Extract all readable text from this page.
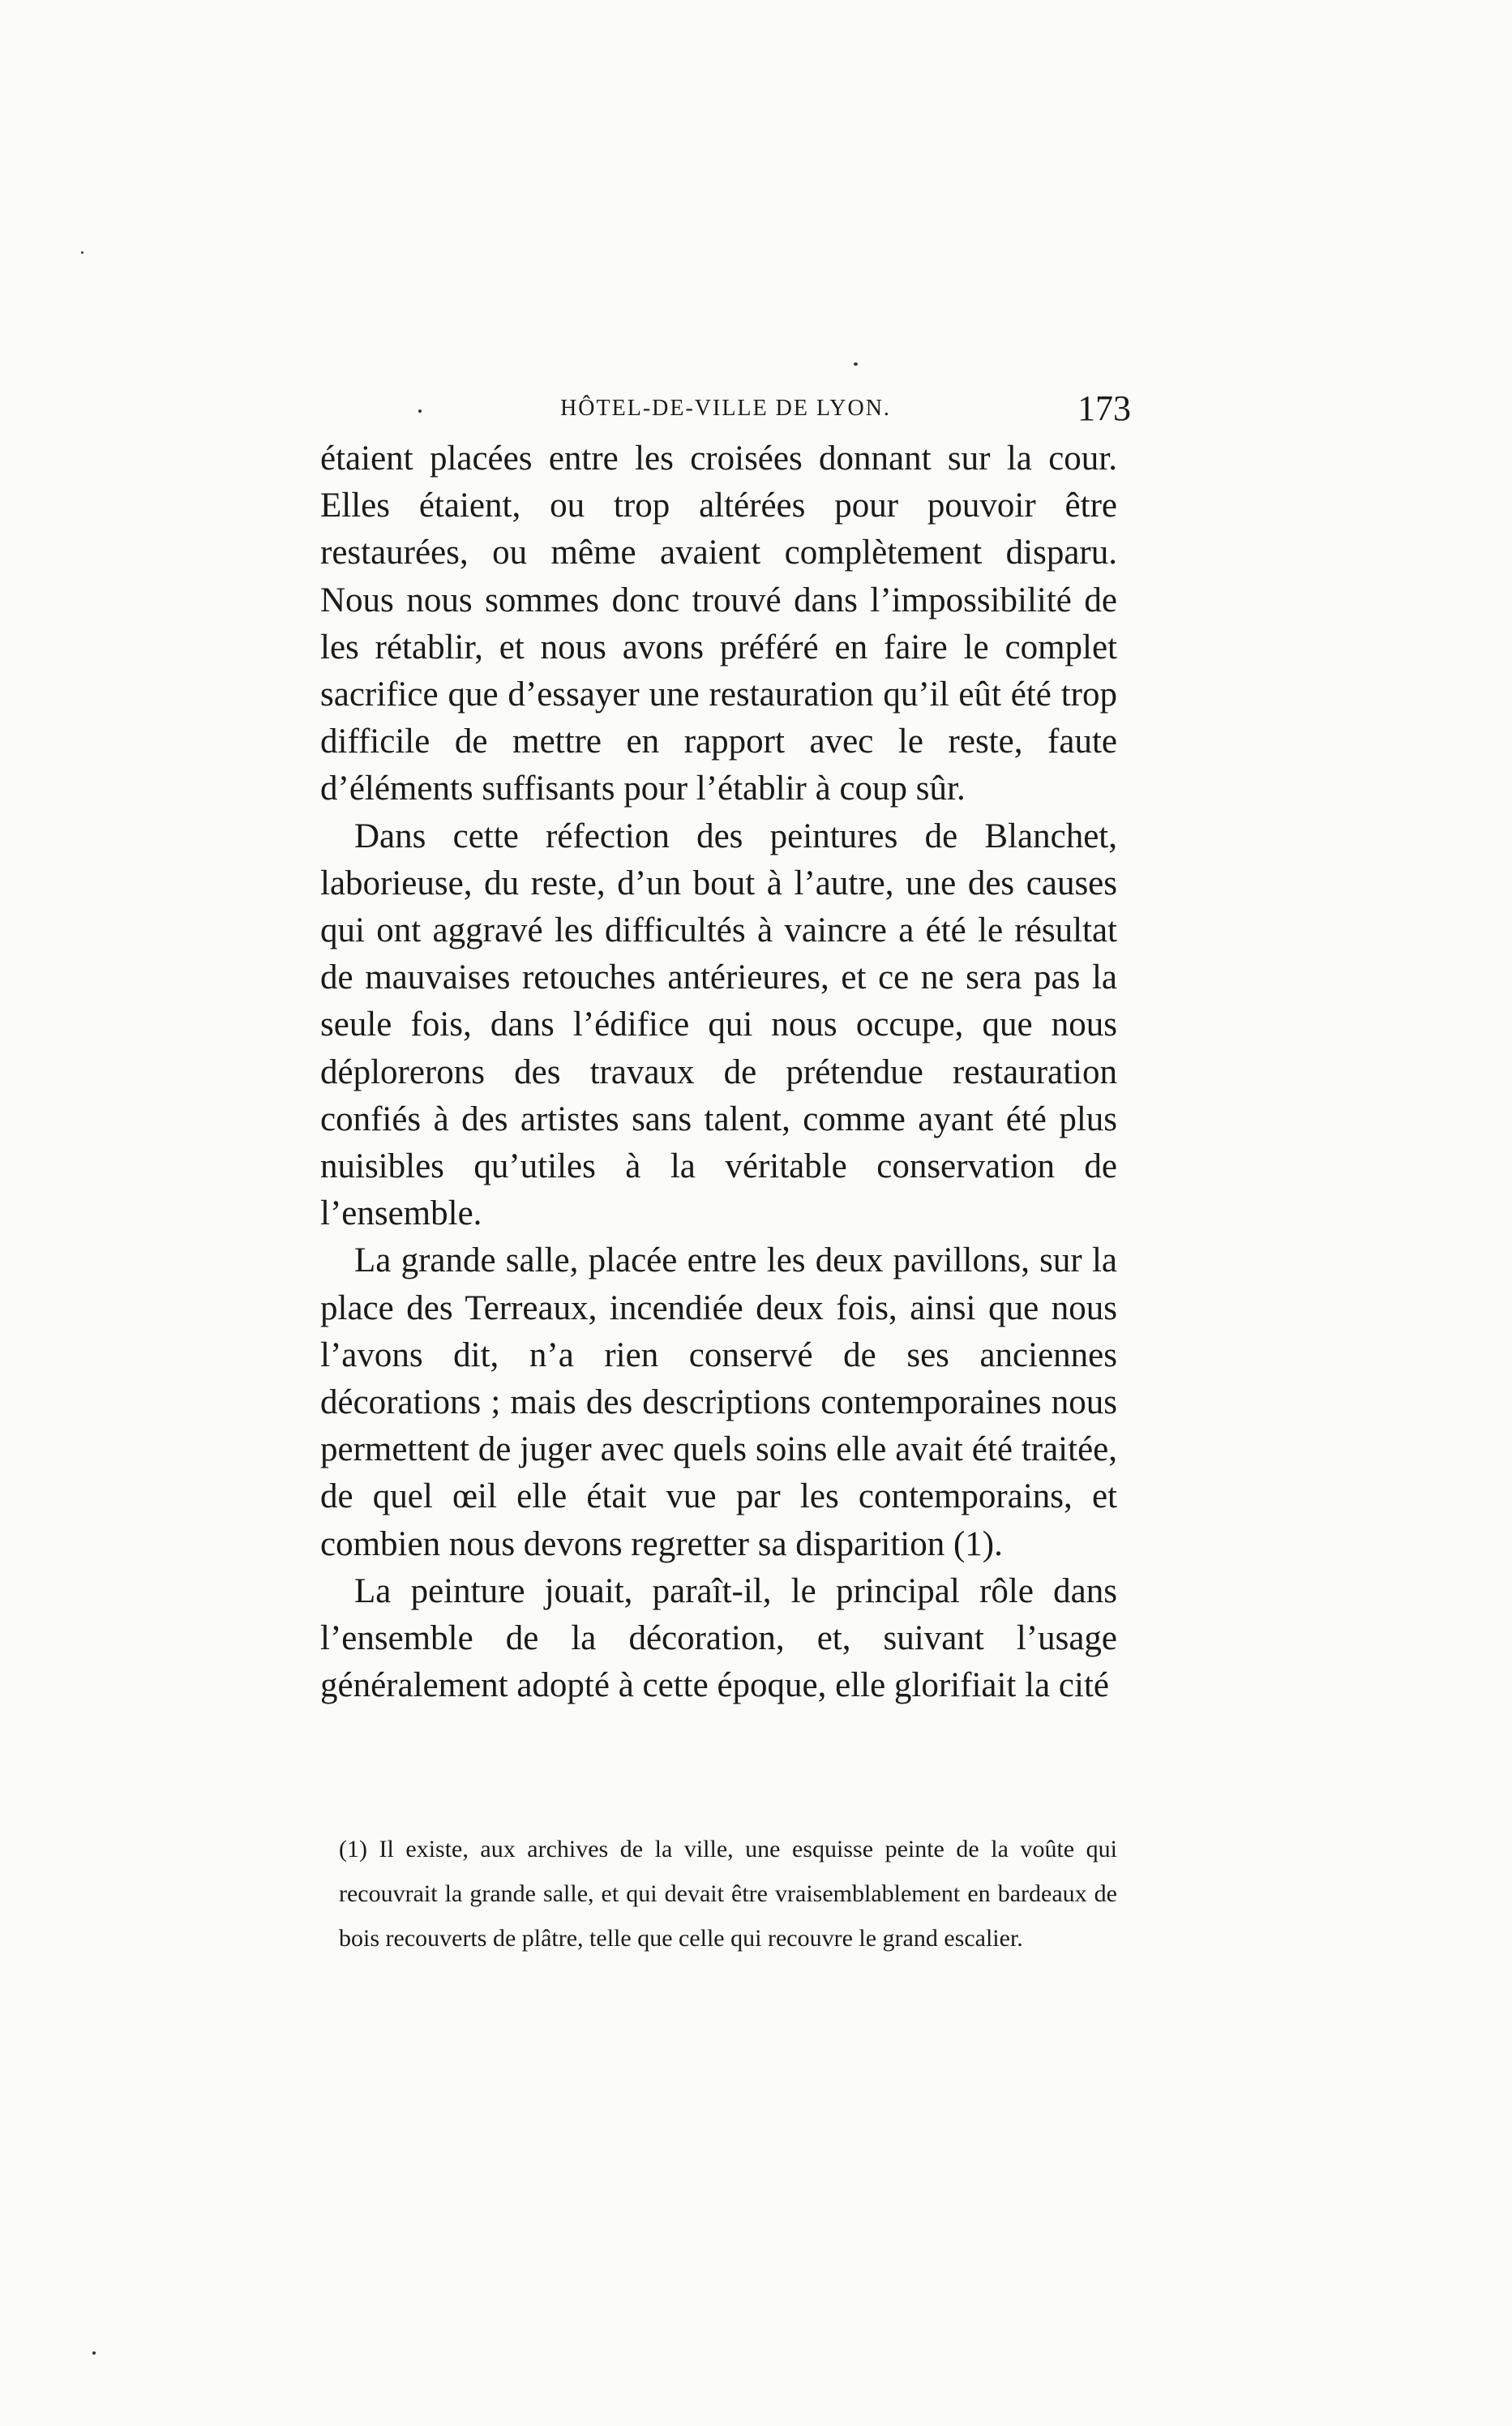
HÔTEL-DE-VILLE DE LYON.	173

étaient placées entre les croisées donnant sur la cour. Elles étaient, ou trop altérées pour pouvoir être restaurées, ou même avaient complètement disparu. Nous nous sommes donc trouvé dans l’impossibilité de les rétablir, et nous avons préféré en faire le complet sacrifice que d’essayer une restauration qu’il eût été trop difficile de mettre en rapport avec le reste, faute d’éléments suffisants pour l’établir à coup sûr.

Dans cette réfection des peintures de Blanchet, laborieuse, du reste, d’un bout à l’autre, une des causes qui ont aggravé les difficultés à vaincre a été le résultat de mauvaises retouches antérieures, et ce ne sera pas la seule fois, dans l’édifice qui nous occupe, que nous déplorerons des travaux de prétendue restauration confiés à des artistes sans talent, comme ayant été plus nuisibles qu’utiles à la véritable conservation de l’ensemble.

La grande salle, placée entre les deux pavillons, sur la place des Terreaux, incendiée deux fois, ainsi que nous l’avons dit, n’a rien conservé de ses anciennes décorations ; mais des descriptions contemporaines nous permettent de juger avec quels soins elle avait été traitée, de quel œil elle était vue par les contemporains, et combien nous devons regretter sa disparition (1).

La peinture jouait, paraît-il, le principal rôle dans l’ensemble de la décoration, et, suivant l’usage généralement adopté à cette époque, elle glorifiait la cité

(1) Il existe, aux archives de la ville, une esquisse peinte de la voûte qui recouvrait la grande salle, et qui devait être vraisemblablement en bardeaux de bois recouverts de plâtre, telle que celle qui recouvre le grand escalier.
